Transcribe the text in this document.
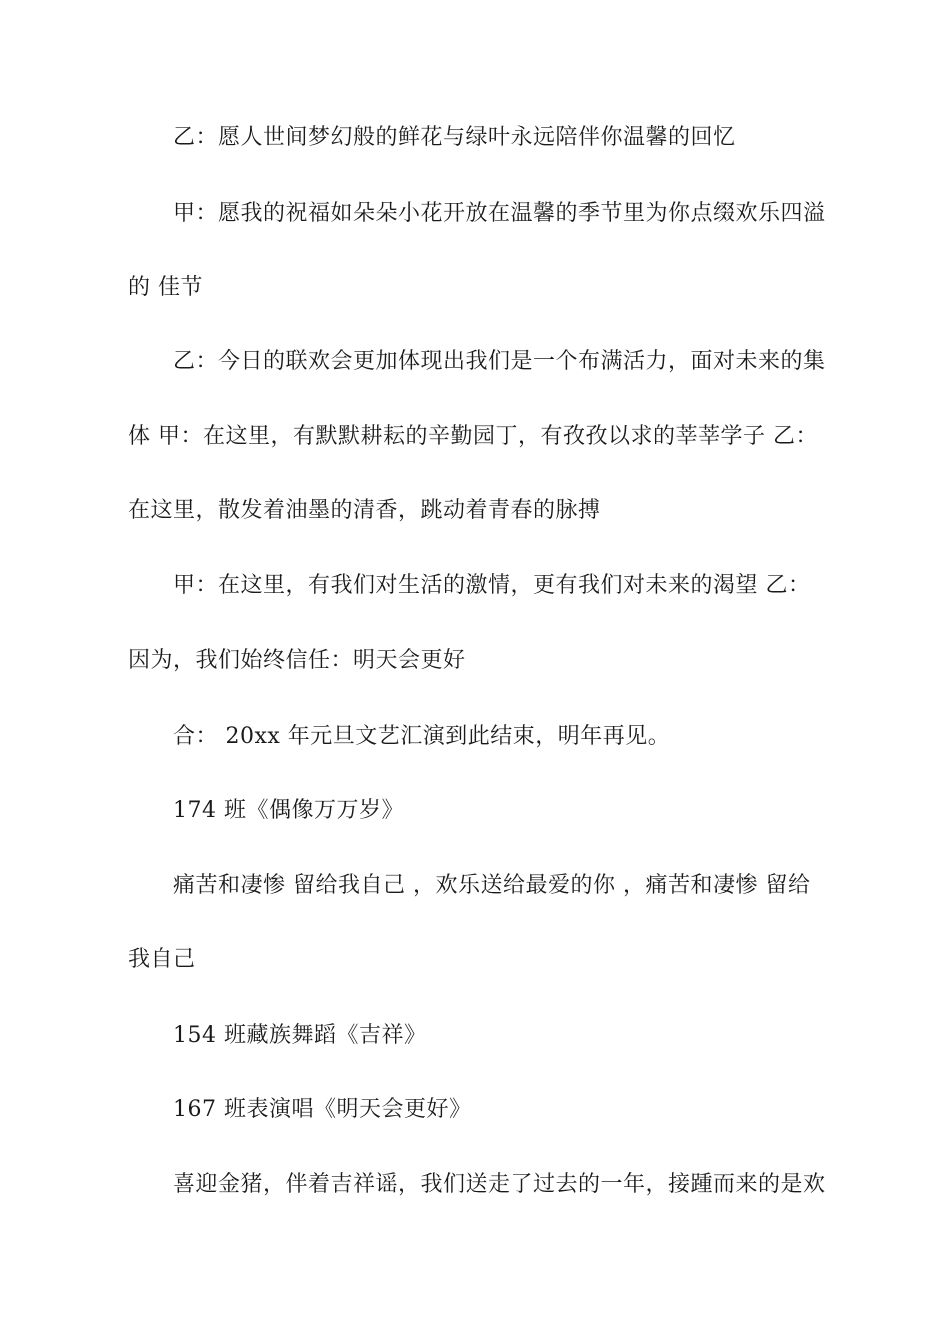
乙：愿人世间梦幻般的鲜花与绿叶永远陪伴你温馨的回忆
甲：愿我的祝福如朵朵小花开放在温馨的季节里为你点缀欢乐四溢
的 佳节
乙：今日的联欢会更加体现出我们是一个布满活力，面对未来的集
体 甲：在这里，有默默耕耘的辛勤园丁，有孜孜以求的莘莘学子 乙：
在这里，散发着油墨的清香，跳动着青春的脉搏
甲：在这里，有我们对生活的激情，更有我们对未来的渴望 乙：
因为，我们始终信任：明天会更好
合： 20xx 年元旦文艺汇演到此结束，明年再见。
174 班《偶像万万岁》
痛苦和凄惨 留给我自己 ，欢乐送给最爱的你 ，痛苦和凄惨 留给
我自己
154 班藏族舞蹈《吉祥》
167 班表演唱《明天会更好》
喜迎金猪，伴着吉祥谣，我们送走了过去的一年，接踵而来的是欢
